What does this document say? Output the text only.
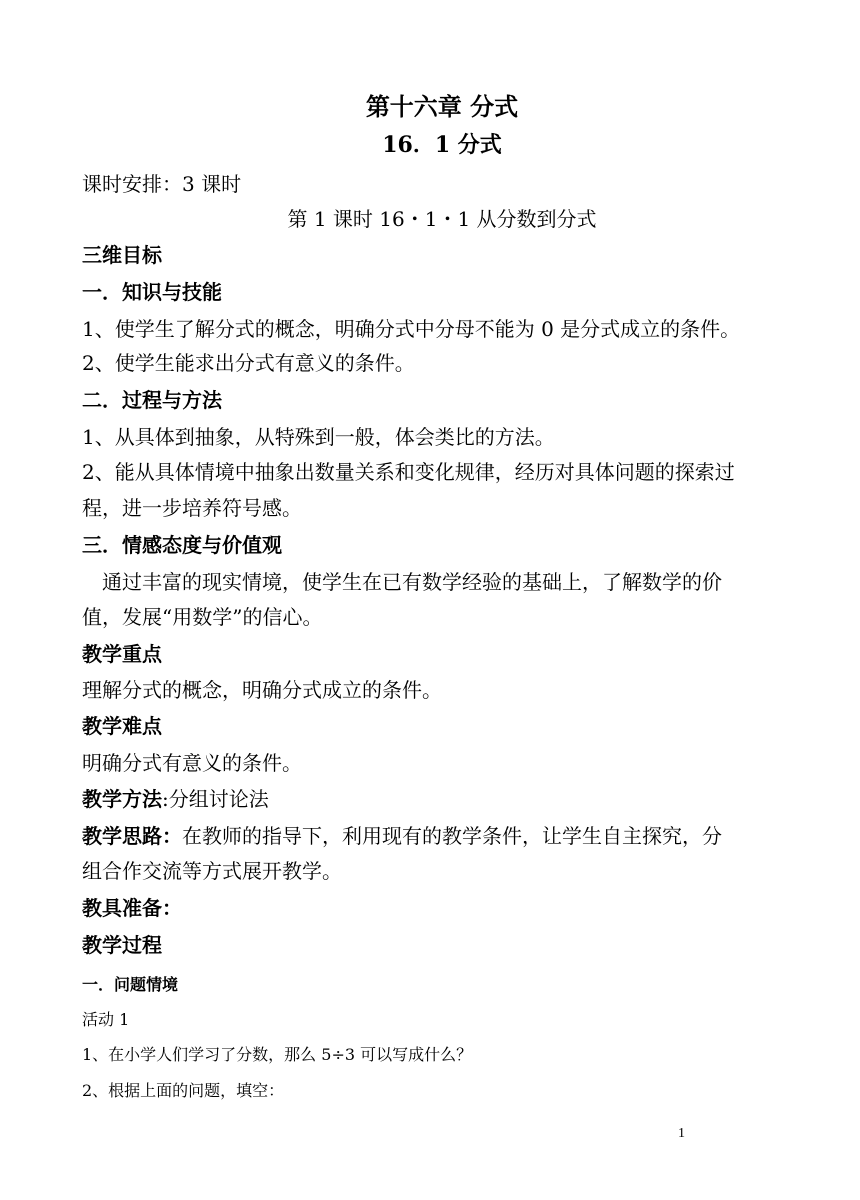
第十六章 分式
16．1 分式
课时安排：3 课时
第 1 课时 16・1・1 从分数到分式
三维目标
一．知识与技能
1、使学生了解分式的概念，明确分式中分母不能为 0 是分式成立的条件。
2、使学生能求出分式有意义的条件。
二．过程与方法
1、从具体到抽象，从特殊到一般，体会类比的方法。
2、能从具体情境中抽象出数量关系和变化规律，经历对具体问题的探索过
程，进一步培养符号感。
三．情感态度与价值观
通过丰富的现实情境，使学生在已有数学经验的基础上，了解数学的价
值，发展“用数学”的信心。
教学重点
理解分式的概念，明确分式成立的条件。
教学难点
明确分式有意义的条件。
教学方法:分组讨论法
教学思路：在教师的指导下，利用现有的教学条件，让学生自主探究，分
组合作交流等方式展开教学。
教具准备：
教学过程
一．问题情境
活动 1
1、在小学人们学习了分数，那么 5÷3 可以写成什么？
2、根据上面的问题，填空：
1
